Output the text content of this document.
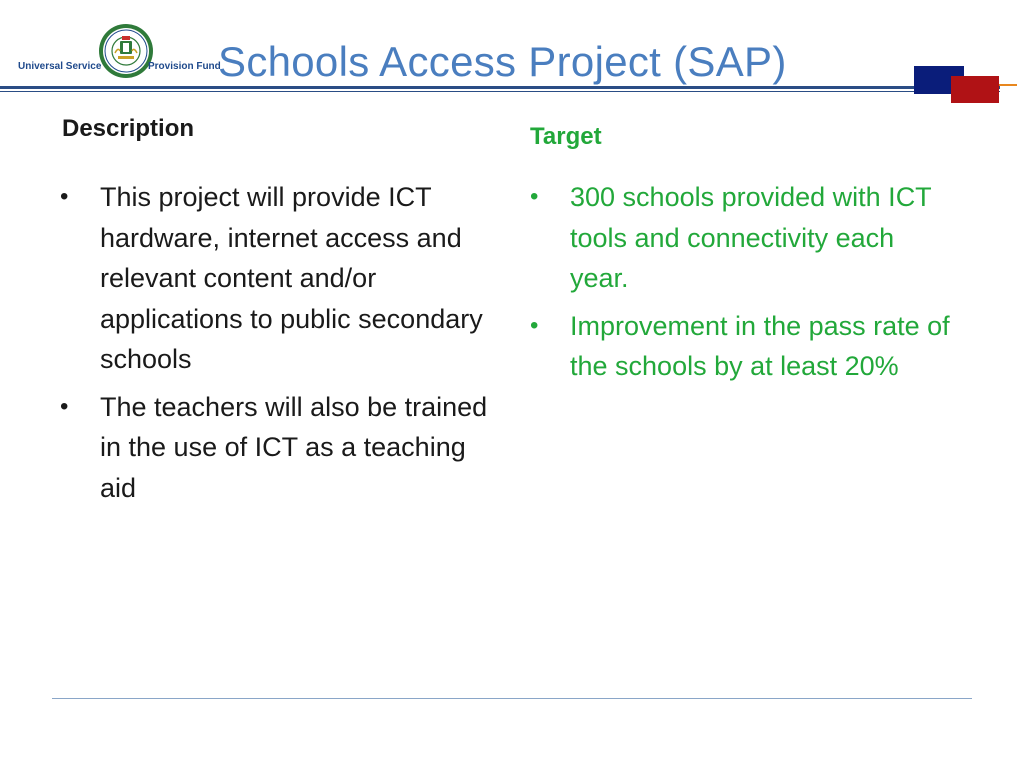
Universal Service	Provision Fund
Schools Access Project (SAP)
Description
•	This project will provide ICT hardware, internet access and relevant content and/or applications to public secondary schools
•	The teachers will also be trained in the use of ICT as a teaching aid
Target
•	300 schools provided with ICT tools and connectivity each year.
•	Improvement in the pass rate of the schools by at least 20%
